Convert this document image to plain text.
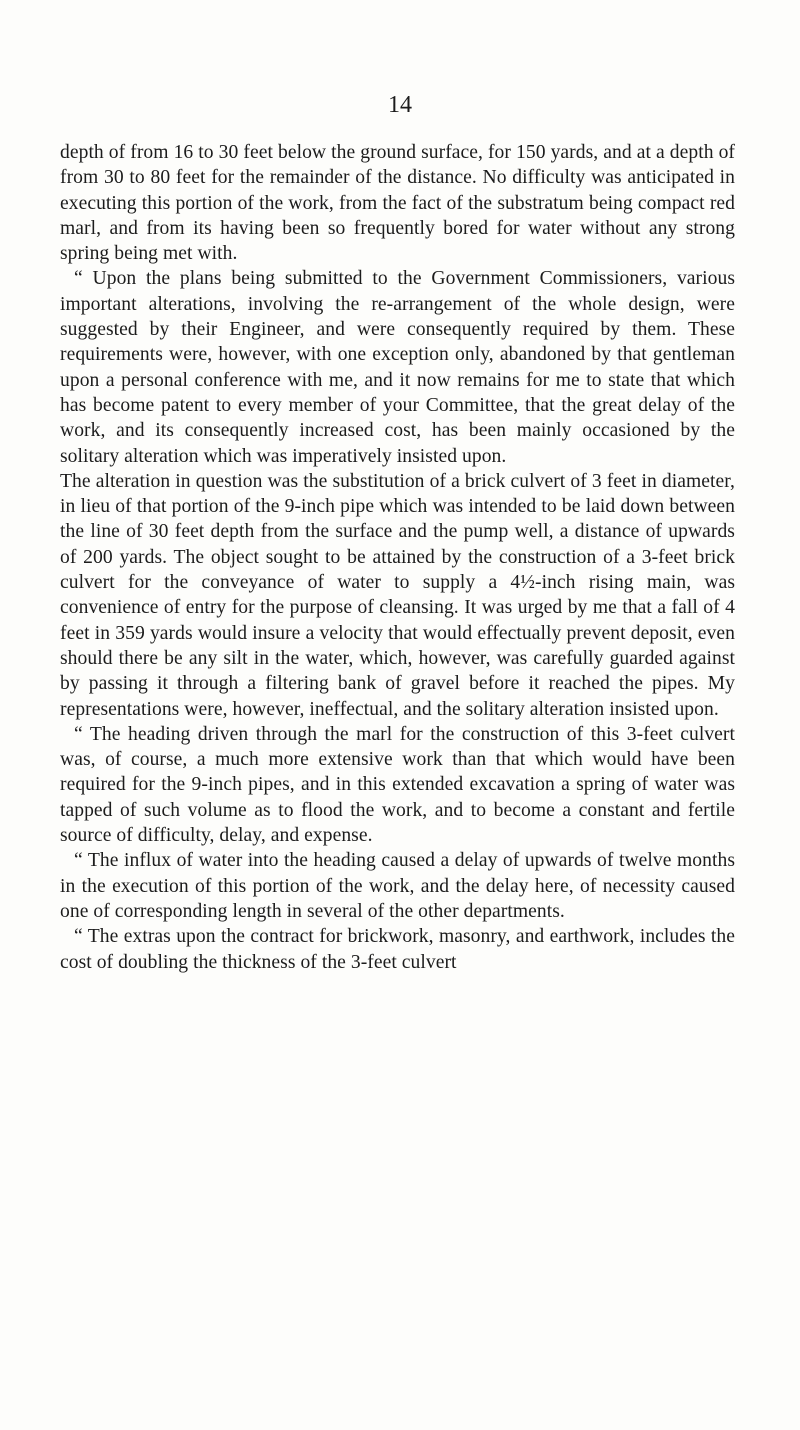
14

depth of from 16 to 30 feet below the ground surface, for 150 yards, and at a depth of from 30 to 80 feet for the remainder of the distance. No difficulty was anticipated in executing this portion of the work, from the fact of the substratum being compact red marl, and from its having been so frequently bored for water without any strong spring being met with.

“ Upon the plans being submitted to the Government Commissioners, various important alterations, involving the re-arrangement of the whole design, were suggested by their Engineer, and were consequently required by them. These requirements were, however, with one exception only, abandoned by that gentleman upon a personal conference with me, and it now remains for me to state that which has become patent to every member of your Committee, that the great delay of the work, and its consequently increased cost, has been mainly occasioned by the solitary alteration which was imperatively insisted upon.

The alteration in question was the substitution of a brick culvert of 3 feet in diameter, in lieu of that portion of the 9-inch pipe which was intended to be laid down between the line of 30 feet depth from the surface and the pump well, a distance of upwards of 200 yards. The object sought to be attained by the construction of a 3-feet brick culvert for the conveyance of water to supply a 4½-inch rising main, was convenience of entry for the purpose of cleansing. It was urged by me that a fall of 4 feet in 359 yards would insure a velocity that would effectually prevent deposit, even should there be any silt in the water, which, however, was carefully guarded against by passing it through a filtering bank of gravel before it reached the pipes. My representations were, however, ineffectual, and the solitary alteration insisted upon.

“ The heading driven through the marl for the construction of this 3-feet culvert was, of course, a much more extensive work than that which would have been required for the 9-inch pipes, and in this extended excavation a spring of water was tapped of such volume as to flood the work, and to become a constant and fertile source of difficulty, delay, and expense.

“ The influx of water into the heading caused a delay of upwards of twelve months in the execution of this portion of the work, and the delay here, of necessity caused one of corresponding length in several of the other departments.

“ The extras upon the contract for brickwork, masonry, and earthwork, includes the cost of doubling the thickness of the 3-feet culvert
